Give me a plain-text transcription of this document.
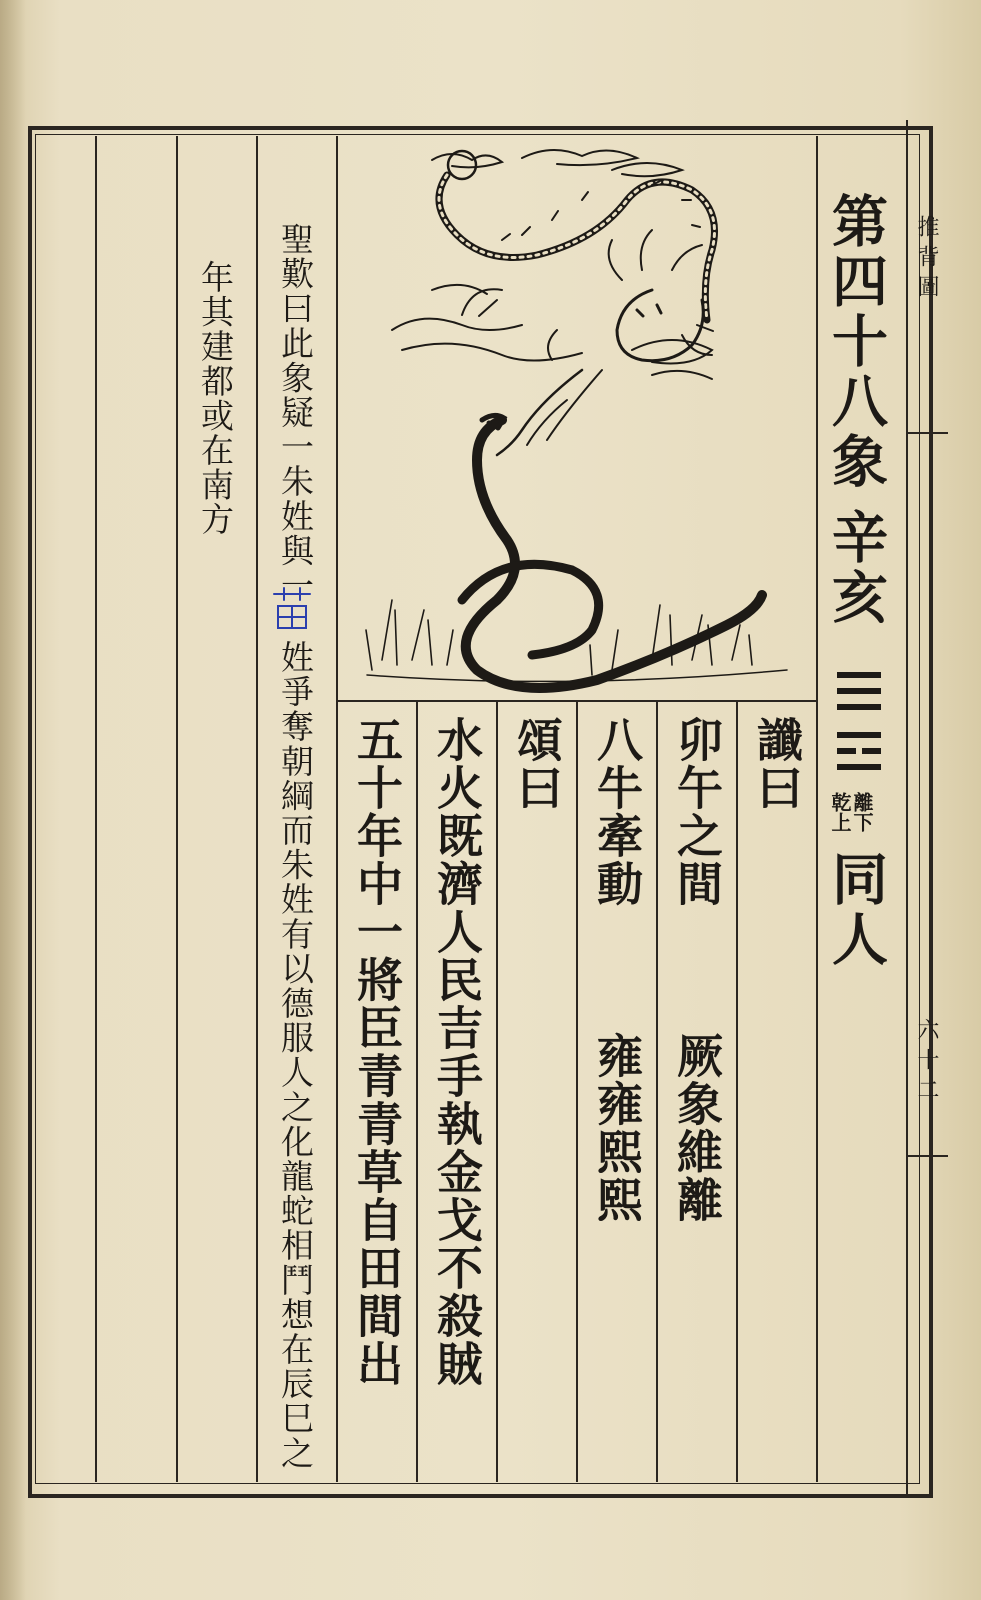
推背圖
六十二
第四十八象
辛亥
離下
乾上
同人
讖曰
卯午之間
厥象維離
八牛牽動
雍雍熙熙
頌曰
水火既濟人民吉手執金戈不殺賊
五十年中一將臣青青草自田間出
聖歎曰此象疑一朱姓與一
姓爭奪朝綱而朱姓有以德服人之化龍蛇相鬥想在辰巳之
年其建都或在南方
